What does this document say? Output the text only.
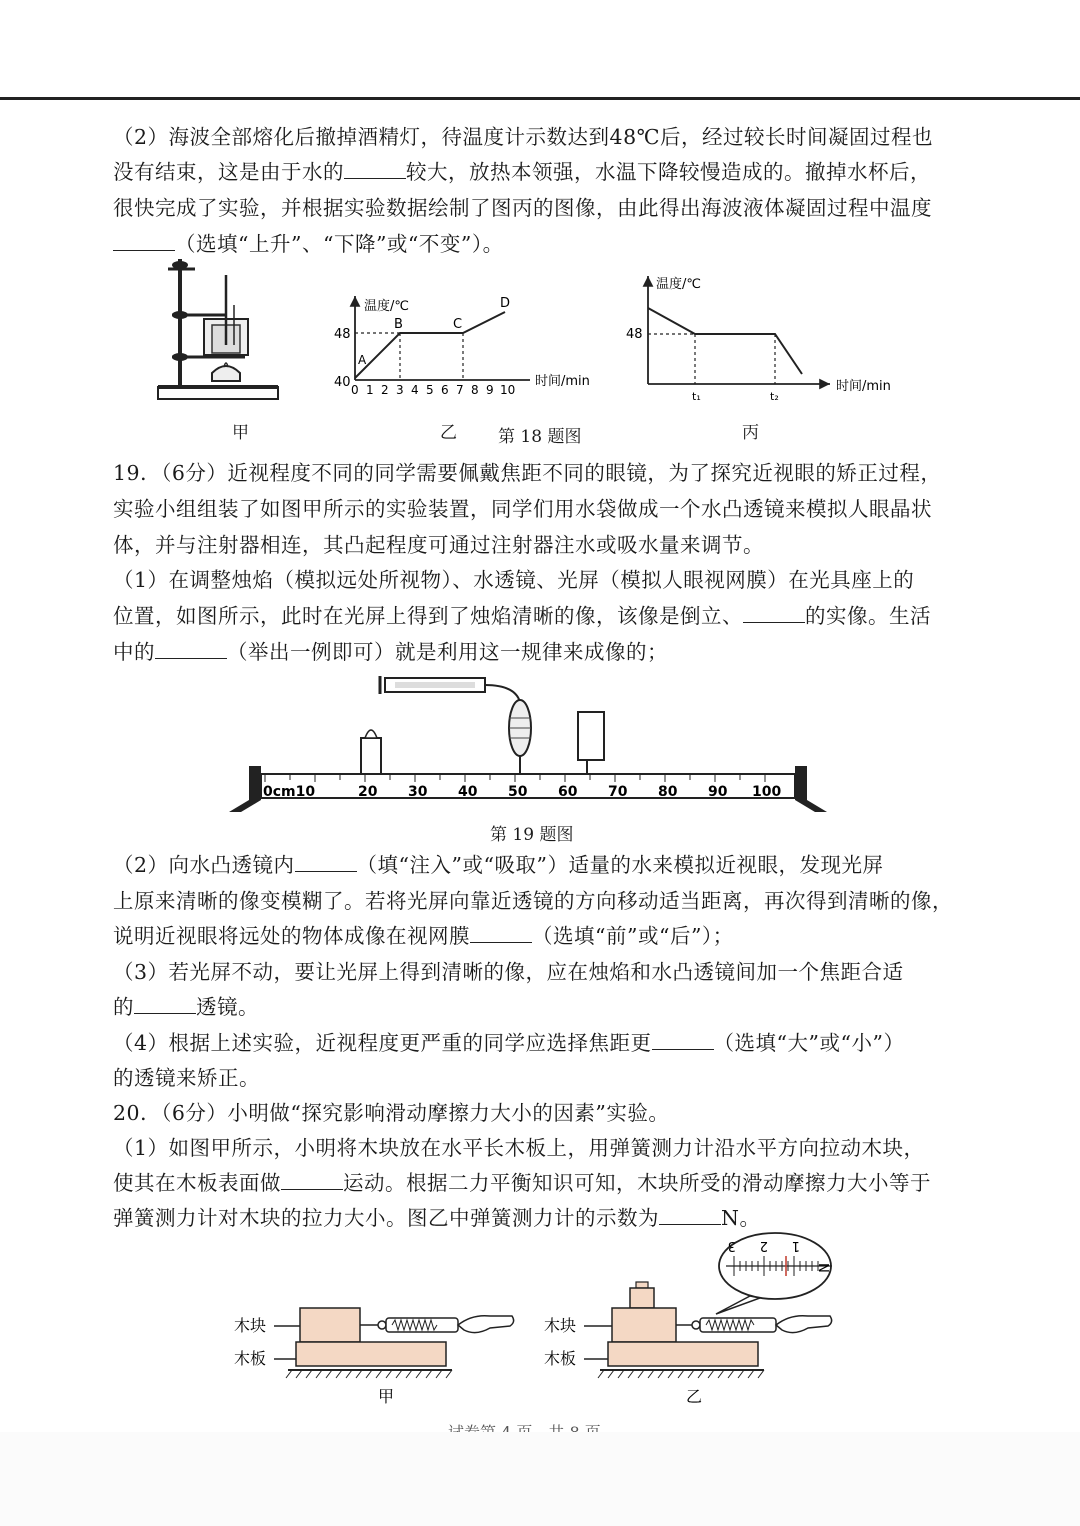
（2）海波全部熔化后撤掉酒精灯，待温度计示数达到48℃后，经过较长时间凝固过程也
没有结束，这是由于水的	较大，放热本领强，水温下降较慢造成的。撤掉水杯后，
很快完成了实验，并根据实验数据绘制了图丙的图像，由此得出海波液体凝固过程中温度
（选填“上升”、“下降”或“不变”）。
甲
温度/℃
48
40
A
B	C
D
0 1 2 3 4 5 6 7 8 9 10
时间/min
乙 第 18 题图
温度/℃
48
t₁	t₂
时间/min
丙
19．（6分）近视程度不同的同学需要佩戴焦距不同的眼镜，为了探究近视眼的矫正过程，
实验小组组装了如图甲所示的实验装置，同学们用水袋做成一个水凸透镜来模拟人眼晶状
体，并与注射器相连，其凸起程度可通过注射器注水或吸水量来调节。
（1）在调整烛焰（模拟远处所视物）、水透镜、光屏（模拟人眼视网膜）在光具座上的
位置，如图所示，此时在光屏上得到了烛焰清晰的像，该像是倒立、	的实像。生活
中的	（举出一例即可）就是利用这一规律来成像的；
0cm10	20 30 40 50 60 70 80 90 100
第 19 题图
（2）向水凸透镜内	（填“注入”或“吸取”）适量的水来模拟近视眼，发现光屏
上原来清晰的像变模糊了。若将光屏向靠近透镜的方向移动适当距离，再次得到清晰的像，
说明近视眼将远处的物体成像在视网膜	（选填“前”或“后”）；
（3）若光屏不动，要让光屏上得到清晰的像，应在烛焰和水凸透镜间加一个焦距合适
的	透镜。
（4）根据上述实验，近视程度更严重的同学应选择焦距更	（选填“大”或“小”）
的透镜来矫正。
20．（6分）小明做“探究影响滑动摩擦力大小的因素”实验。
（1）如图甲所示，小明将木块放在水平长木板上，用弹簧测力计沿水平方向拉动木块，
使其在木板表面做	运动。根据二力平衡知识可知，木块所受的滑动摩擦力大小等于
弹簧测力计对木块的拉力大小。图乙中弹簧测力计的示数为	N。
木块
木板
甲
3 2 1
N
木块
木板
乙
